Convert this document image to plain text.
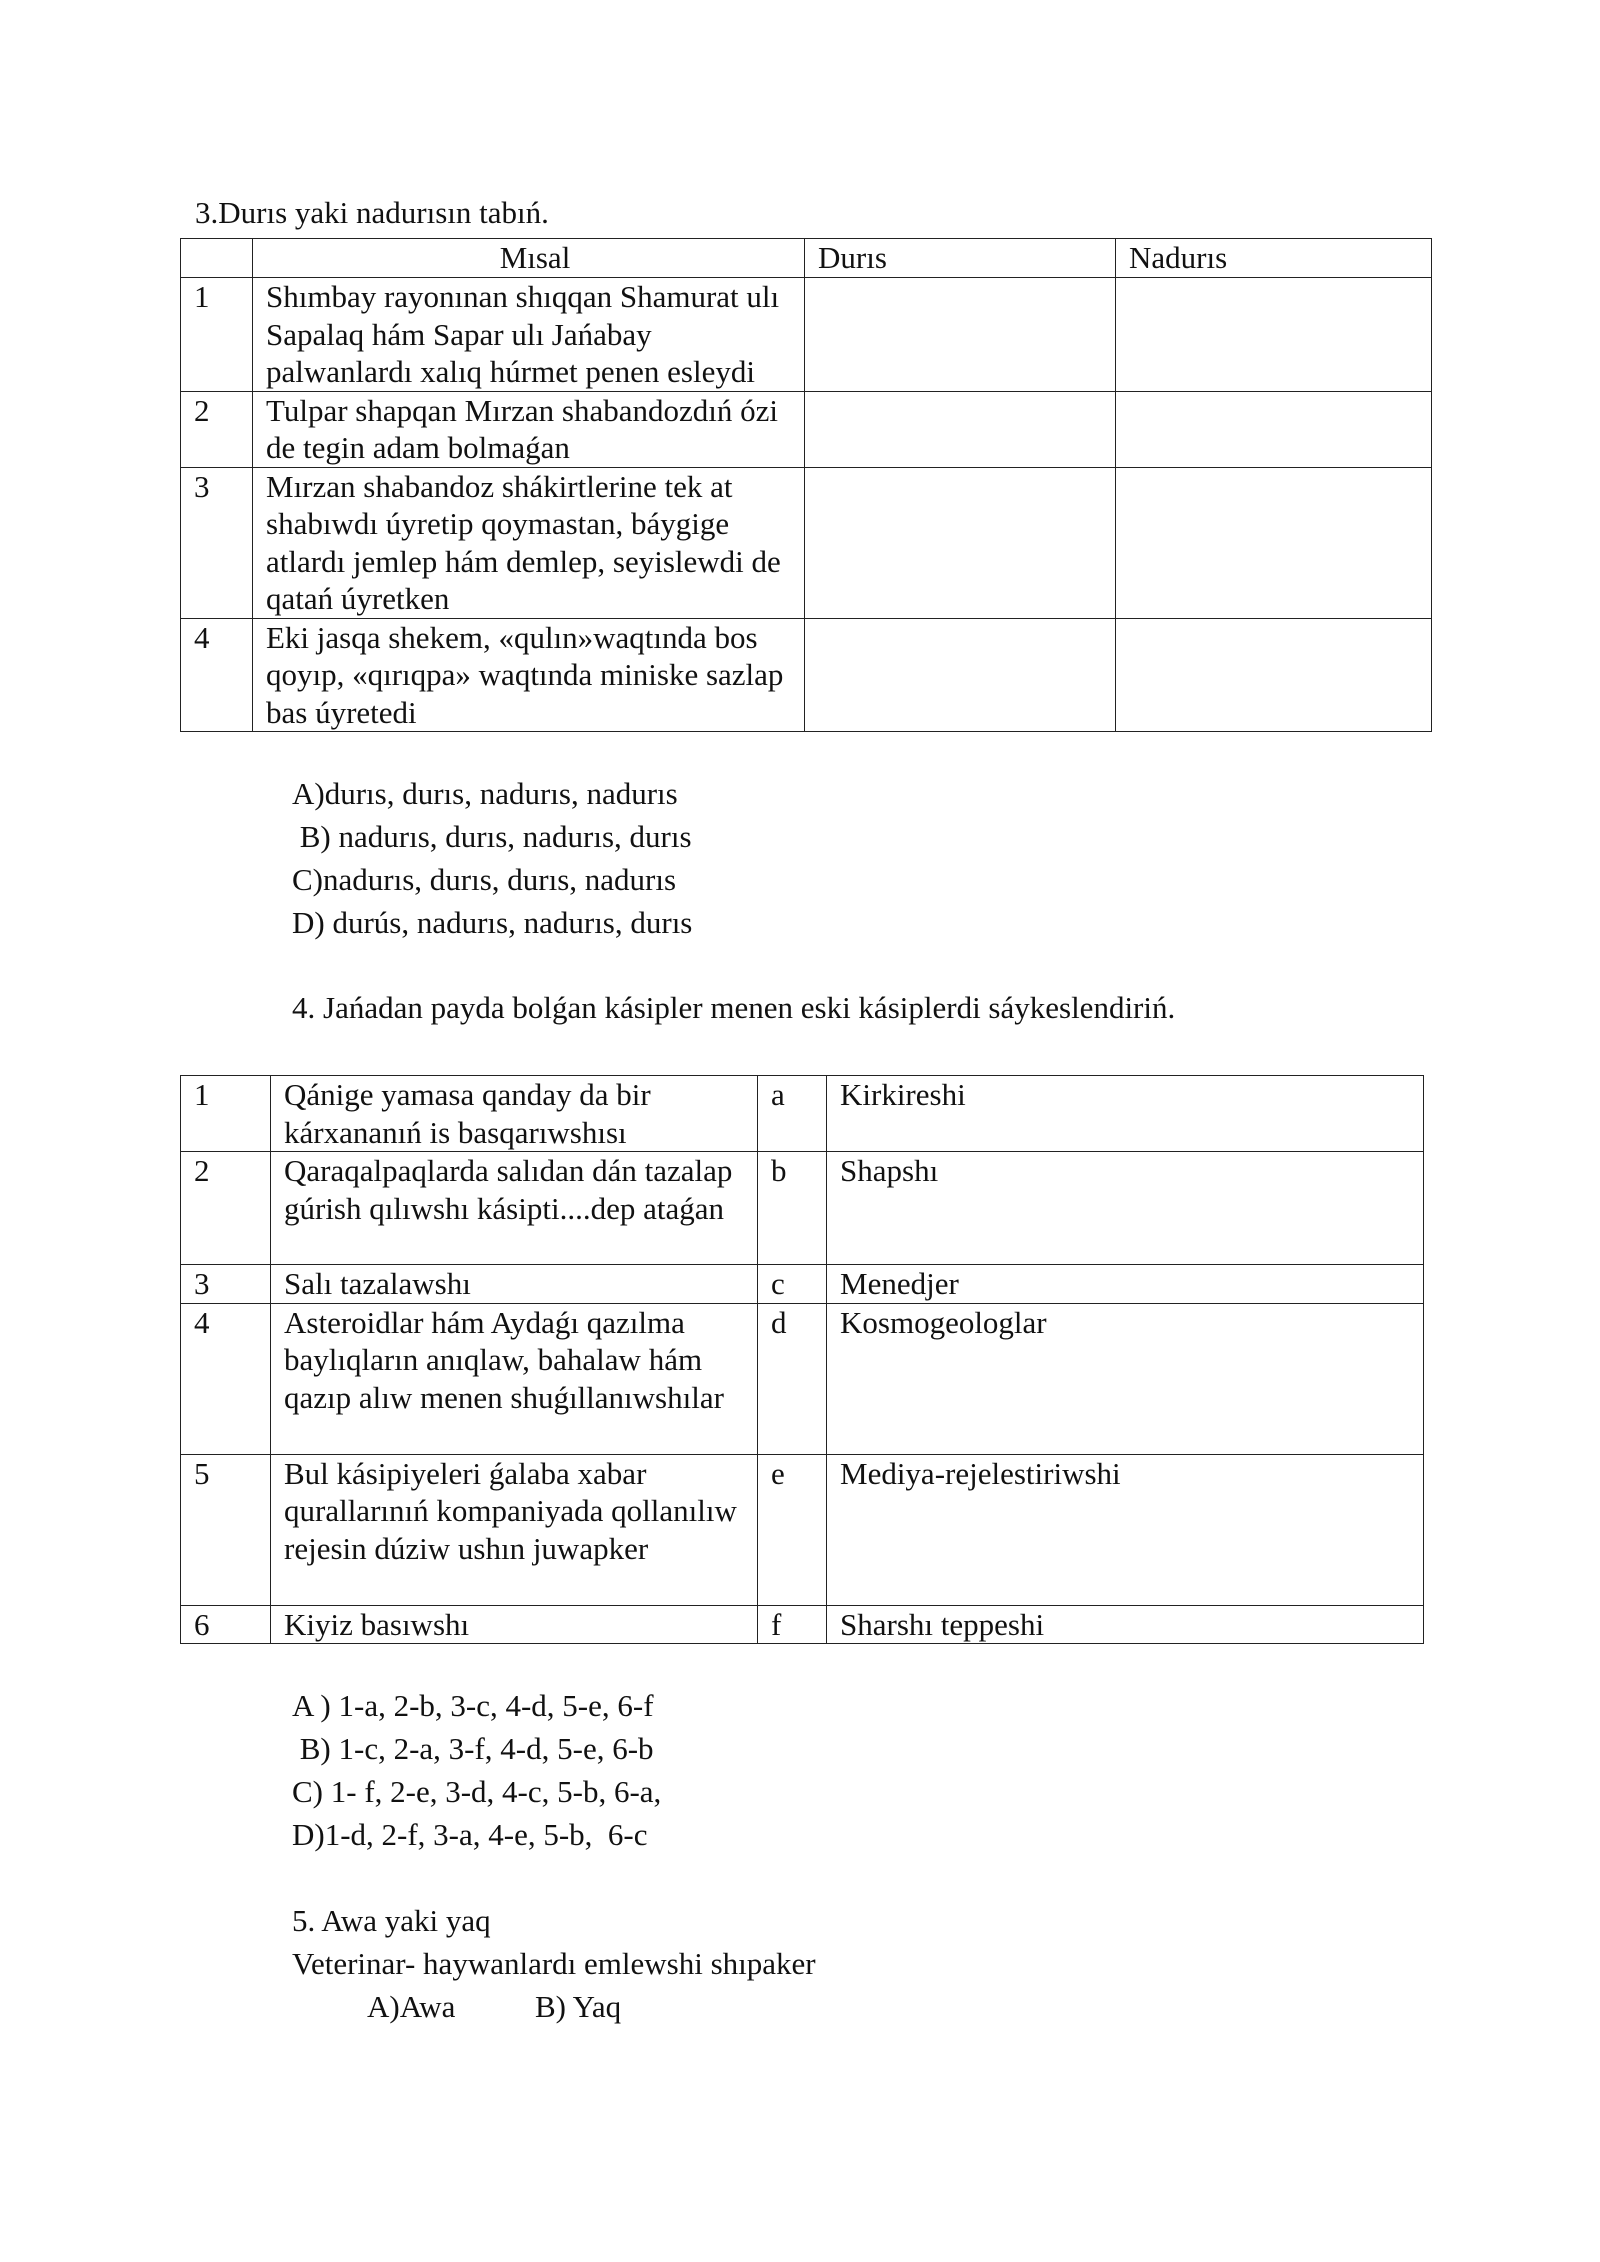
3.Durıs yaki nadurısın tabıń.
	Mısal	Durıs	Nadurıs
1	Shımbay rayonınan shıqqan Shamurat ulı Sapalaq hám Sapar ulı Jańabay palwanlardı xalıq húrmet penen esleydi		
2	Tulpar shapqan Mırzan shabandozdıń ózi de tegin adam bolmaǵan		
3	Mırzan shabandoz shákirtlerine tek at shabıwdı úyretip qoymastan, báygige atlardı jemlep hám demlep, seyislewdi de qatań úyretken		
4	Eki jasqa shekem, «qulın»waqtında bos qoyıp, «qırıqpa» waqtında miniske sazlap bas úyretedi		
A)durıs, durıs, nadurıs, nadurıs
B) nadurıs, durıs, nadurıs, durıs
C)nadurıs, durıs, durıs, nadurıs
D) durús, nadurıs, nadurıs, durıs
4. Jańadan payda bolǵan kásipler menen eski kásiplerdi sáykeslendiriń.
1	Qánige yamasa qanday da bir kárxananıń is basqarıwshısı	a	Kirkireshi
2	Qaraqalpaqlarda salıdan dán tazalap gúrish qılıwshı kásipti....dep ataǵan	b	Shapshı
3	Salı tazalawshı	c	Menedjer
4	Asteroidlar hám Aydaǵı qazılma baylıqların anıqlaw, bahalaw hám qazıp alıw menen shuǵıllanıwshılar	d	Kosmogeologlar
5	Bul kásipiyeleri ǵalaba xabar qurallarınıń kompaniyada qollanılıw rejesin dúziw ushın juwapker	e	Mediya-rejelestiriwshi
6	Kiyiz basıwshı	f	Sharshı teppeshi
A ) 1-a, 2-b, 3-c, 4-d, 5-e, 6-f
B) 1-c, 2-a, 3-f, 4-d, 5-e, 6-b
C) 1- f, 2-e, 3-d, 4-c, 5-b, 6-a,
D)1-d, 2-f, 3-a, 4-e, 5-b,  6-c
5. Awa yaki yaq
Veterinar- haywanlardı emlewshi shıpaker
A)Awa	B) Yaq
